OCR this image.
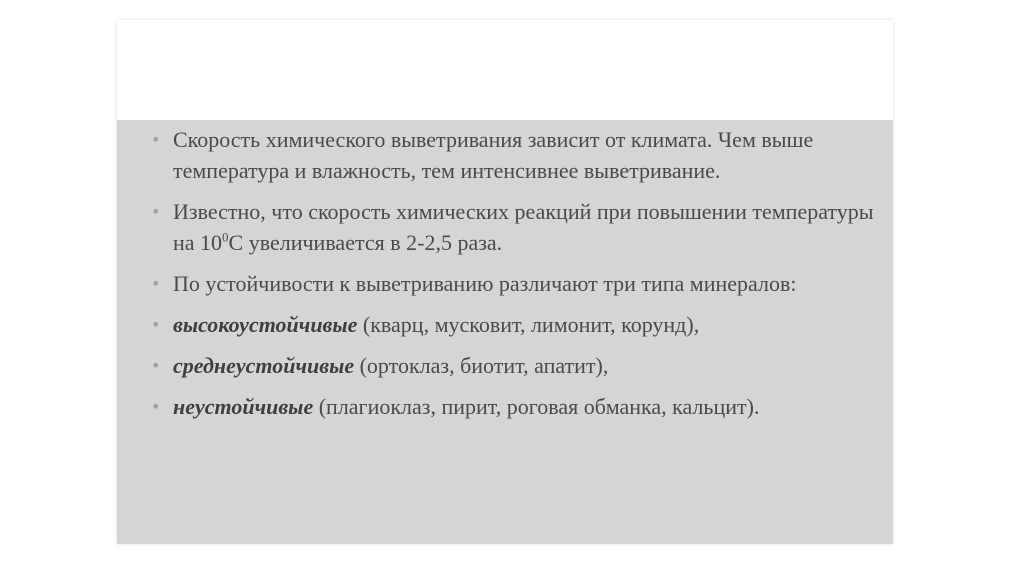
• Скорость химического выветривания зависит от климата. Чем выше температура и влажность, тем интенсивнее выветривание.
• Известно, что скорость химических реакций при повышении температуры на $10^0С$ увеличивается в 2-2,5 раза.
• По устойчивости к выветриванию различают три типа минералов:
• высокоустойчивые (кварц, мусковит, лимонит, корунд),
• среднеустойчивые (ортоклаз, биотит, апатит),
• неустойчивые (плагиоклаз, пирит, роговая обманка, кальцит).
